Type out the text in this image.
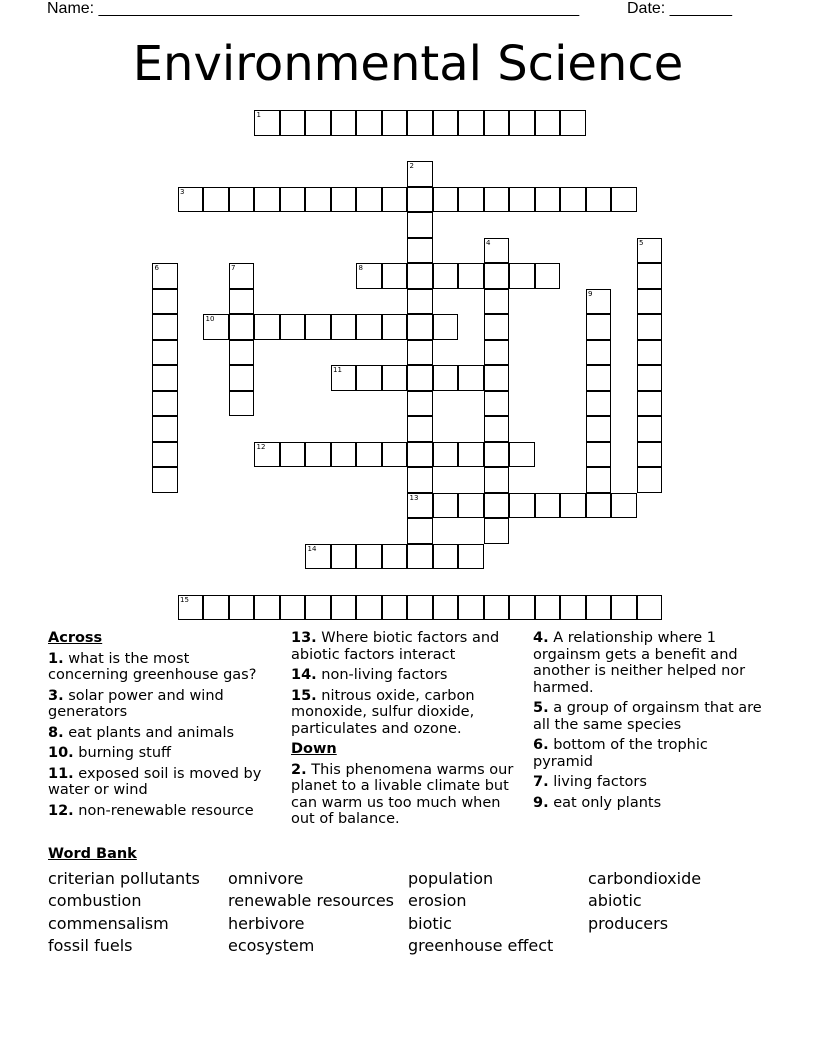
Name: ______________________________________________________	Date: _______
Environmental Science
1
2
13
3
4	5
6	7	8
9
10
11
12
14
15
Across
1. what is the most concerning greenhouse gas?
3. solar power and wind generators
8. eat plants and animals
10. burning stuff
11. exposed soil is moved by water or wind
12. non-renewable resource
13. Where biotic factors and abiotic factors interact
14. non-living factors
15. nitrous oxide, carbon monoxide, sulfur dioxide, particulates and ozone.
Down
2. This phenomena warms our planet to a livable climate but can warm us too much when out of balance.
4. A relationship where 1 orgainsm gets a benefit and another is neither helped nor harmed.
5. a group of orgainsm that are all the same species
6. bottom of the trophic pyramid
7. living factors
9. eat only plants
Word Bank
criterian pollutants
combustion
commensalism
fossil fuels
omnivore
renewable resources
herbivore
ecosystem
population
erosion
biotic
greenhouse effect
carbondioxide
abiotic
producers
